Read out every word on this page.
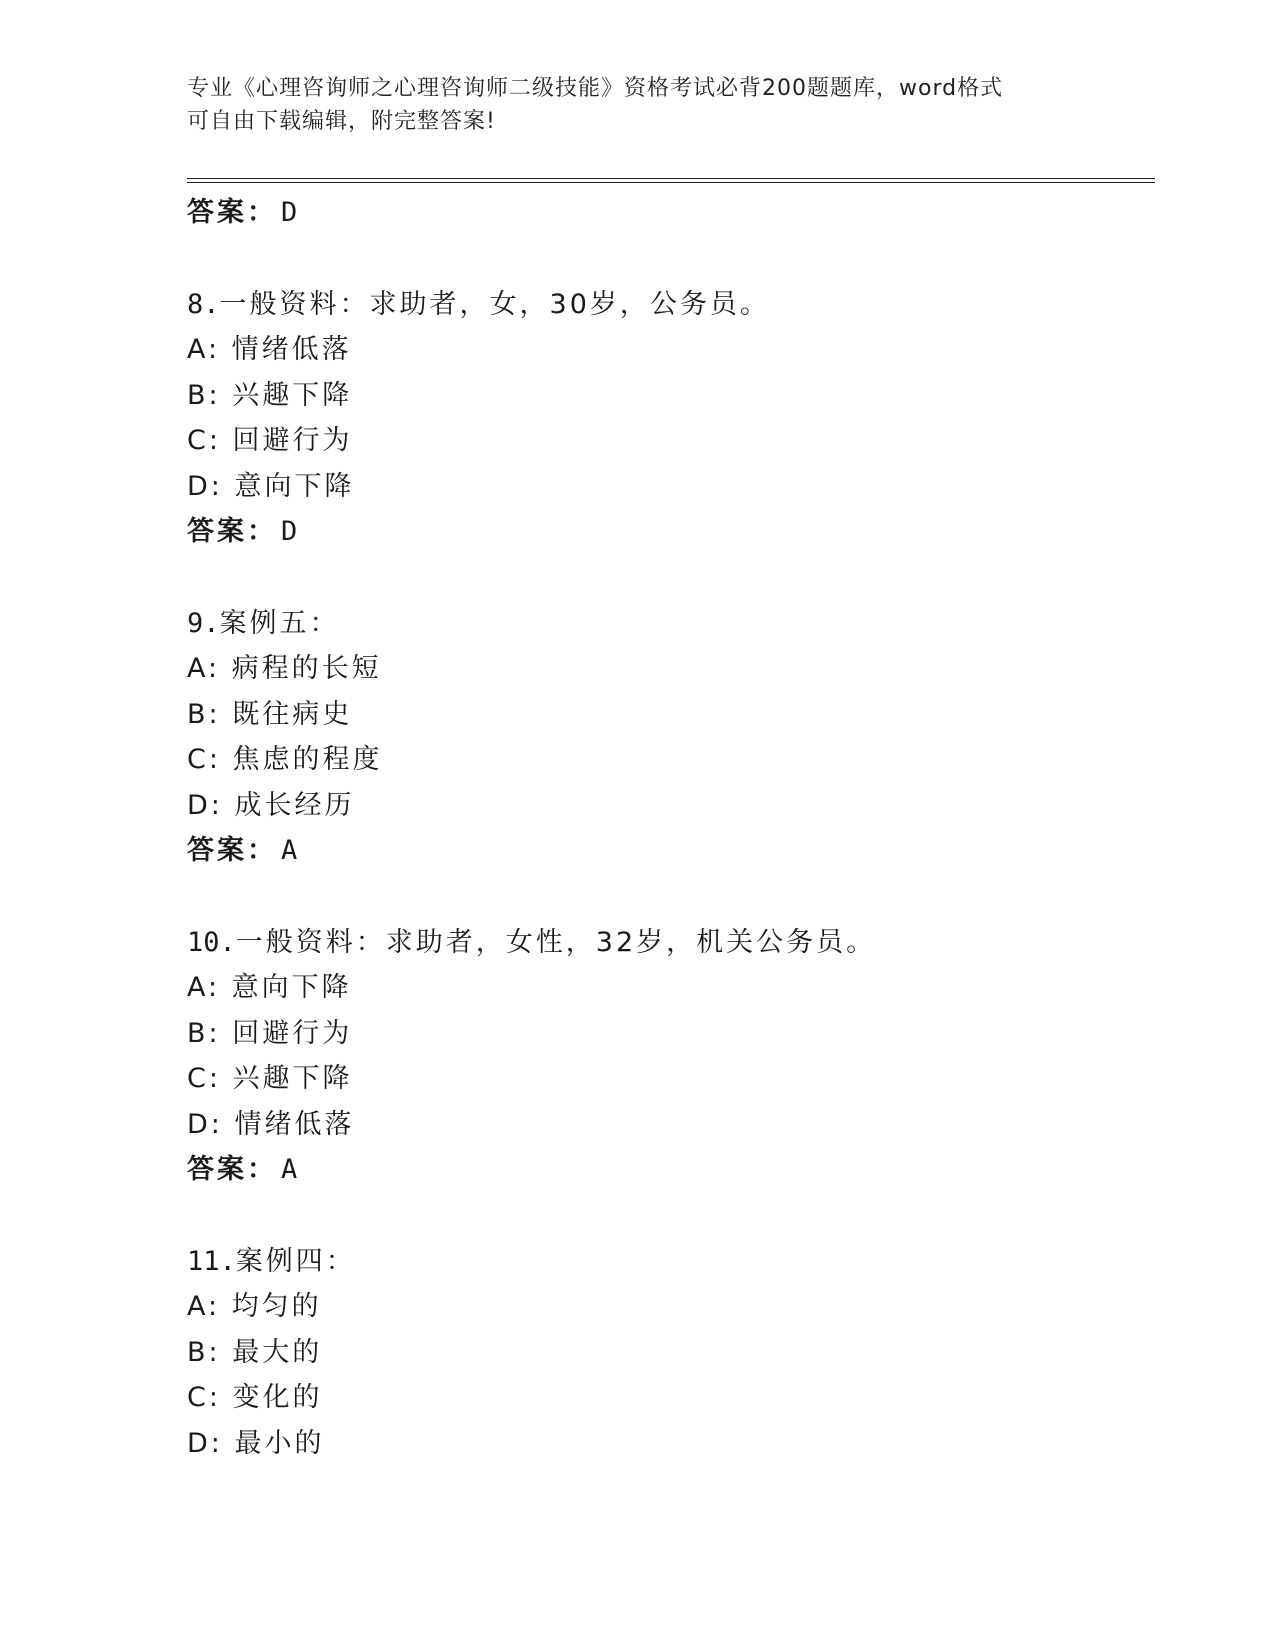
专业《心理咨询师之心理咨询师二级技能》资格考试必背200题题库，word格式
可自由下载编辑，附完整答案!
答案： D
8.一般资料：求助者，女，30岁，公务员。
A: 情绪低落
B: 兴趣下降
C: 回避行为
D: 意向下降
答案： D
9.案例五：
A: 病程的长短
B: 既往病史
C: 焦虑的程度
D: 成长经历
答案： A
10.一般资料：求助者，女性，32岁，机关公务员。
A: 意向下降
B: 回避行为
C: 兴趣下降
D: 情绪低落
答案： A
11.案例四：
A: 均匀的
B: 最大的
C: 变化的
D: 最小的
